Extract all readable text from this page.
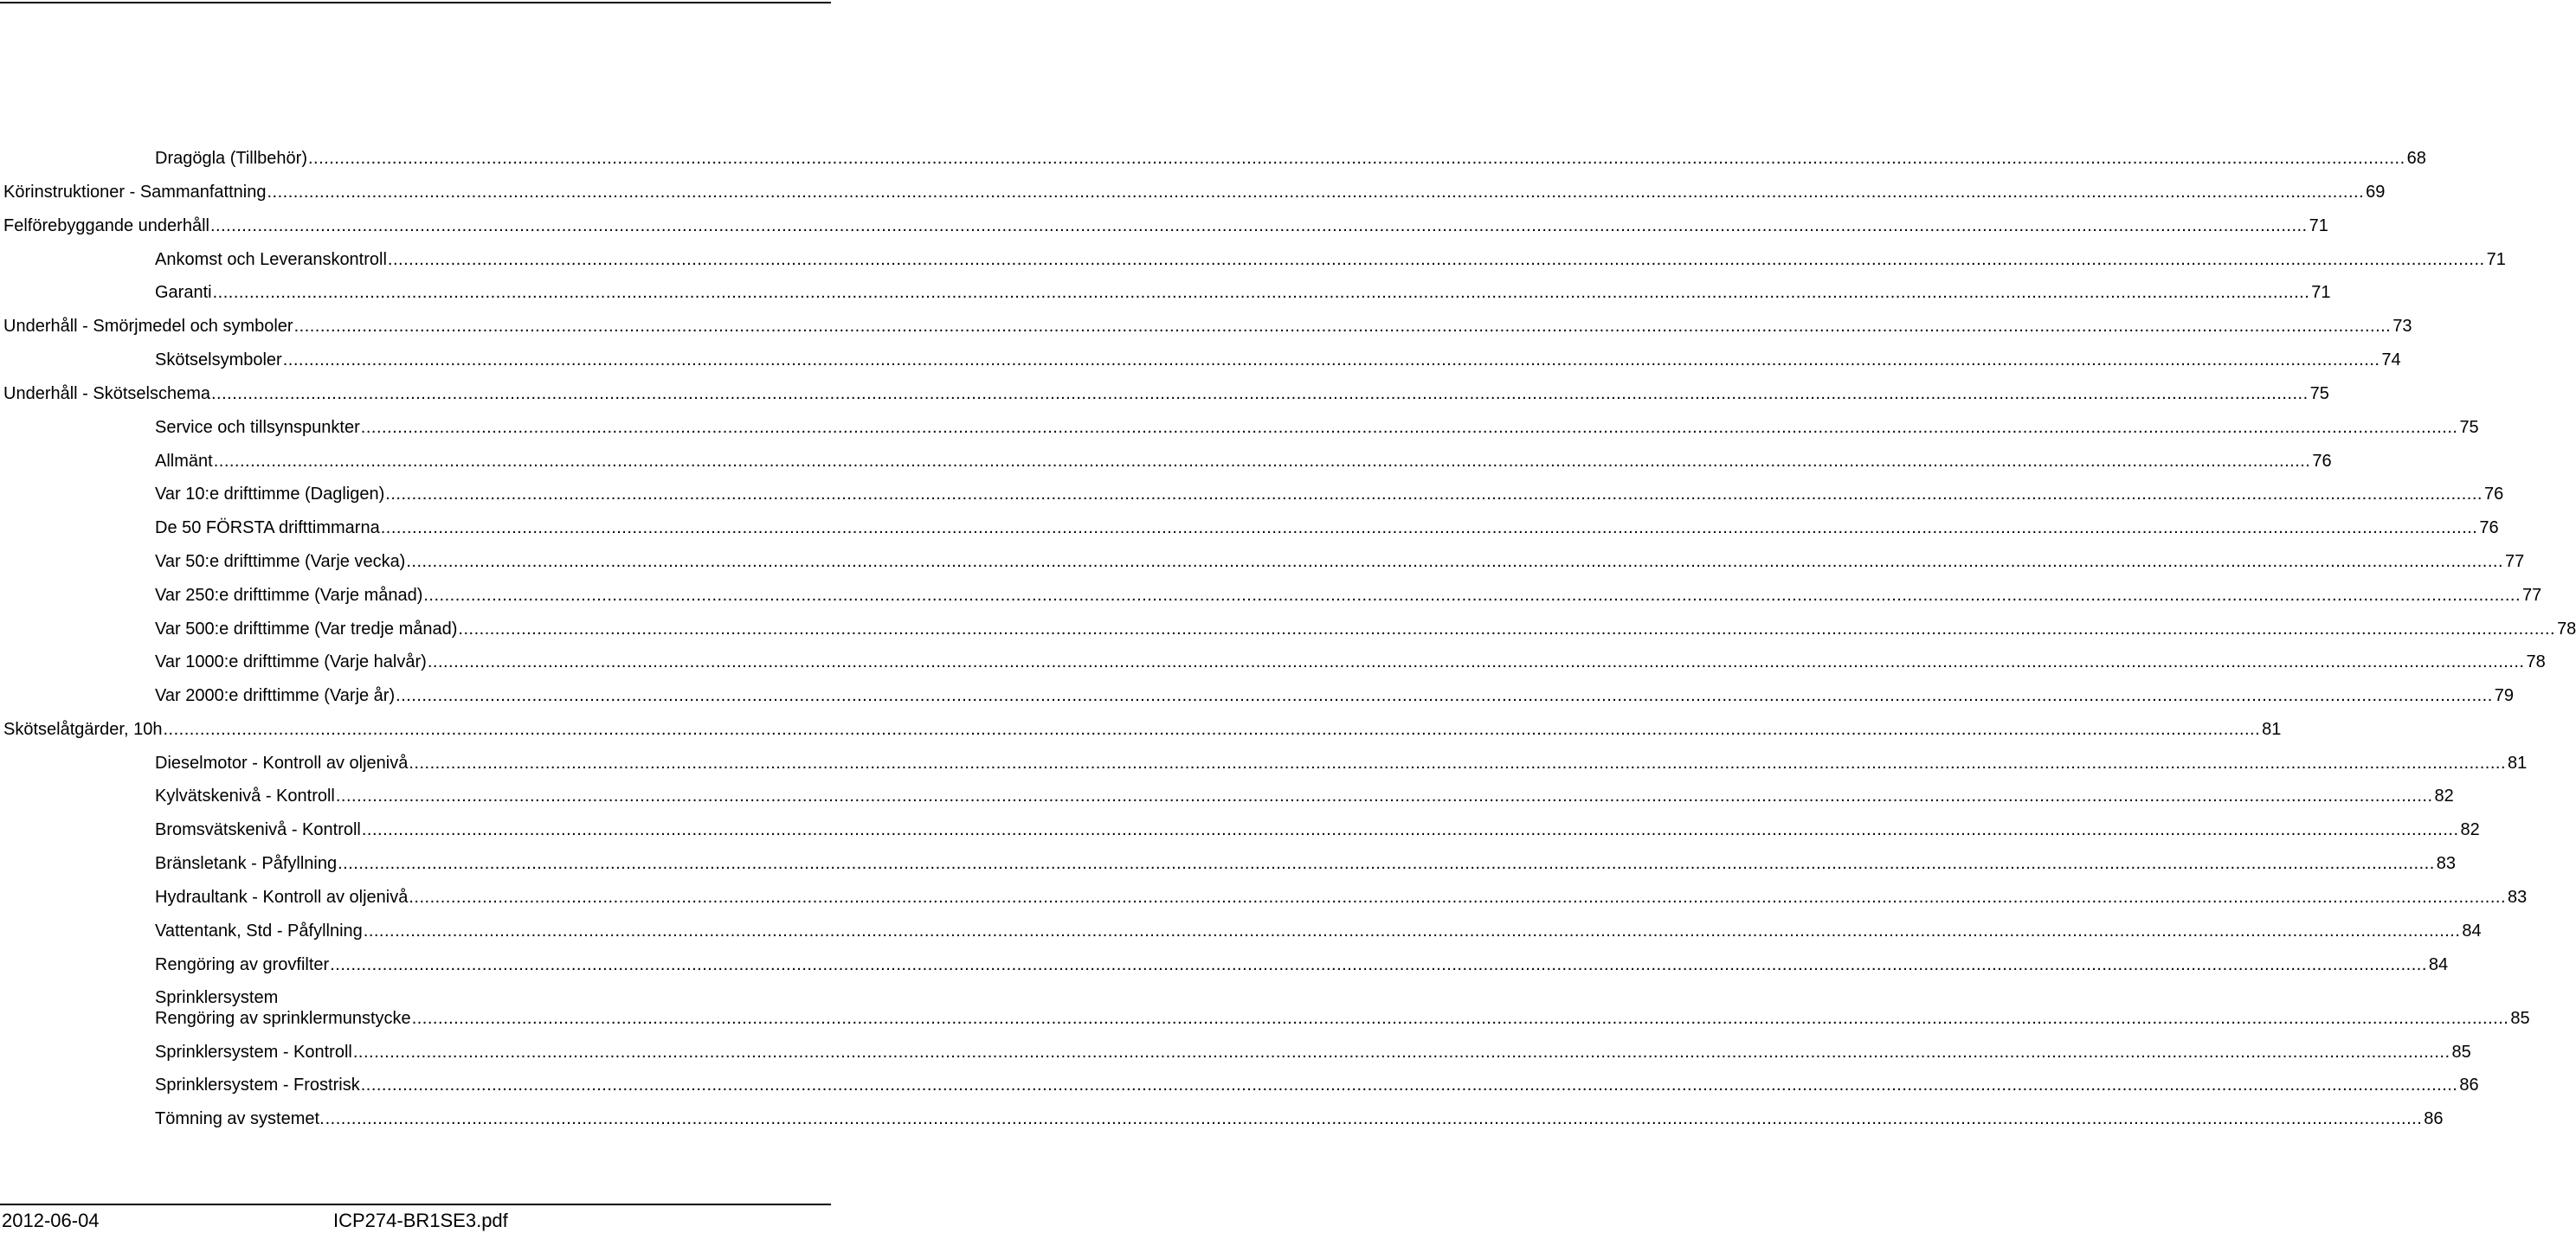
Dragögla (Tillbehör) ................................................................................................................................................................................................................................................................................................................................................................................................................ 68
Körinstruktioner - Sammanfattning ................................................................................................................................................................................................................................................................................................................................................................................................................ 69
Felförebyggande underhåll ................................................................................................................................................................................................................................................................................................................................................................................................................ 71
Ankomst och Leveranskontroll ................................................................................................................................................................................................................................................................................................................................................................................................................ 71
Garanti ................................................................................................................................................................................................................................................................................................................................................................................................................ 71
Underhåll - Smörjmedel och symboler ................................................................................................................................................................................................................................................................................................................................................................................................................ 73
Skötselsymboler ................................................................................................................................................................................................................................................................................................................................................................................................................ 74
Underhåll - Skötselschema ................................................................................................................................................................................................................................................................................................................................................................................................................ 75
Service och tillsynspunkter ................................................................................................................................................................................................................................................................................................................................................................................................................ 75
Allmänt ................................................................................................................................................................................................................................................................................................................................................................................................................ 76
Var 10:e drifttimme (Dagligen) ................................................................................................................................................................................................................................................................................................................................................................................................................ 76
De 50 FÖRSTA drifttimmarna ................................................................................................................................................................................................................................................................................................................................................................................................................ 76
Var 50:e drifttimme (Varje vecka) ................................................................................................................................................................................................................................................................................................................................................................................................................ 77
Var 250:e drifttimme (Varje månad) ................................................................................................................................................................................................................................................................................................................................................................................................................ 77
Var 500:e drifttimme (Var tredje månad) ................................................................................................................................................................................................................................................................................................................................................................................................................ 78
Var 1000:e drifttimme (Varje halvår) ................................................................................................................................................................................................................................................................................................................................................................................................................ 78
Var 2000:e drifttimme (Varje år) ................................................................................................................................................................................................................................................................................................................................................................................................................ 79
Skötselåtgärder, 10h ................................................................................................................................................................................................................................................................................................................................................................................................................ 81
Dieselmotor - Kontroll av oljenivå ................................................................................................................................................................................................................................................................................................................................................................................................................ 81
Kylvätskenivå - Kontroll ................................................................................................................................................................................................................................................................................................................................................................................................................ 82
Bromsvätskenivå - Kontroll ................................................................................................................................................................................................................................................................................................................................................................................................................ 82
Bränsletank - Påfyllning ................................................................................................................................................................................................................................................................................................................................................................................................................ 83
Hydraultank - Kontroll av oljenivå ................................................................................................................................................................................................................................................................................................................................................................................................................ 83
Vattentank, Std - Påfyllning ................................................................................................................................................................................................................................................................................................................................................................................................................ 84
Rengöring av grovfilter ................................................................................................................................................................................................................................................................................................................................................................................................................ 84
Sprinklersystem
Rengöring av sprinklermunstycke ................................................................................................................................................................................................................................................................................................................................................................................................................ 85
Sprinklersystem - Kontroll ................................................................................................................................................................................................................................................................................................................................................................................................................ 85
Sprinklersystem - Frostrisk ................................................................................................................................................................................................................................................................................................................................................................................................................ 86
Tömning av systemet. ................................................................................................................................................................................................................................................................................................................................................................................................................ 86
2012-06-04	ICP274-BR1SE3.pdf
